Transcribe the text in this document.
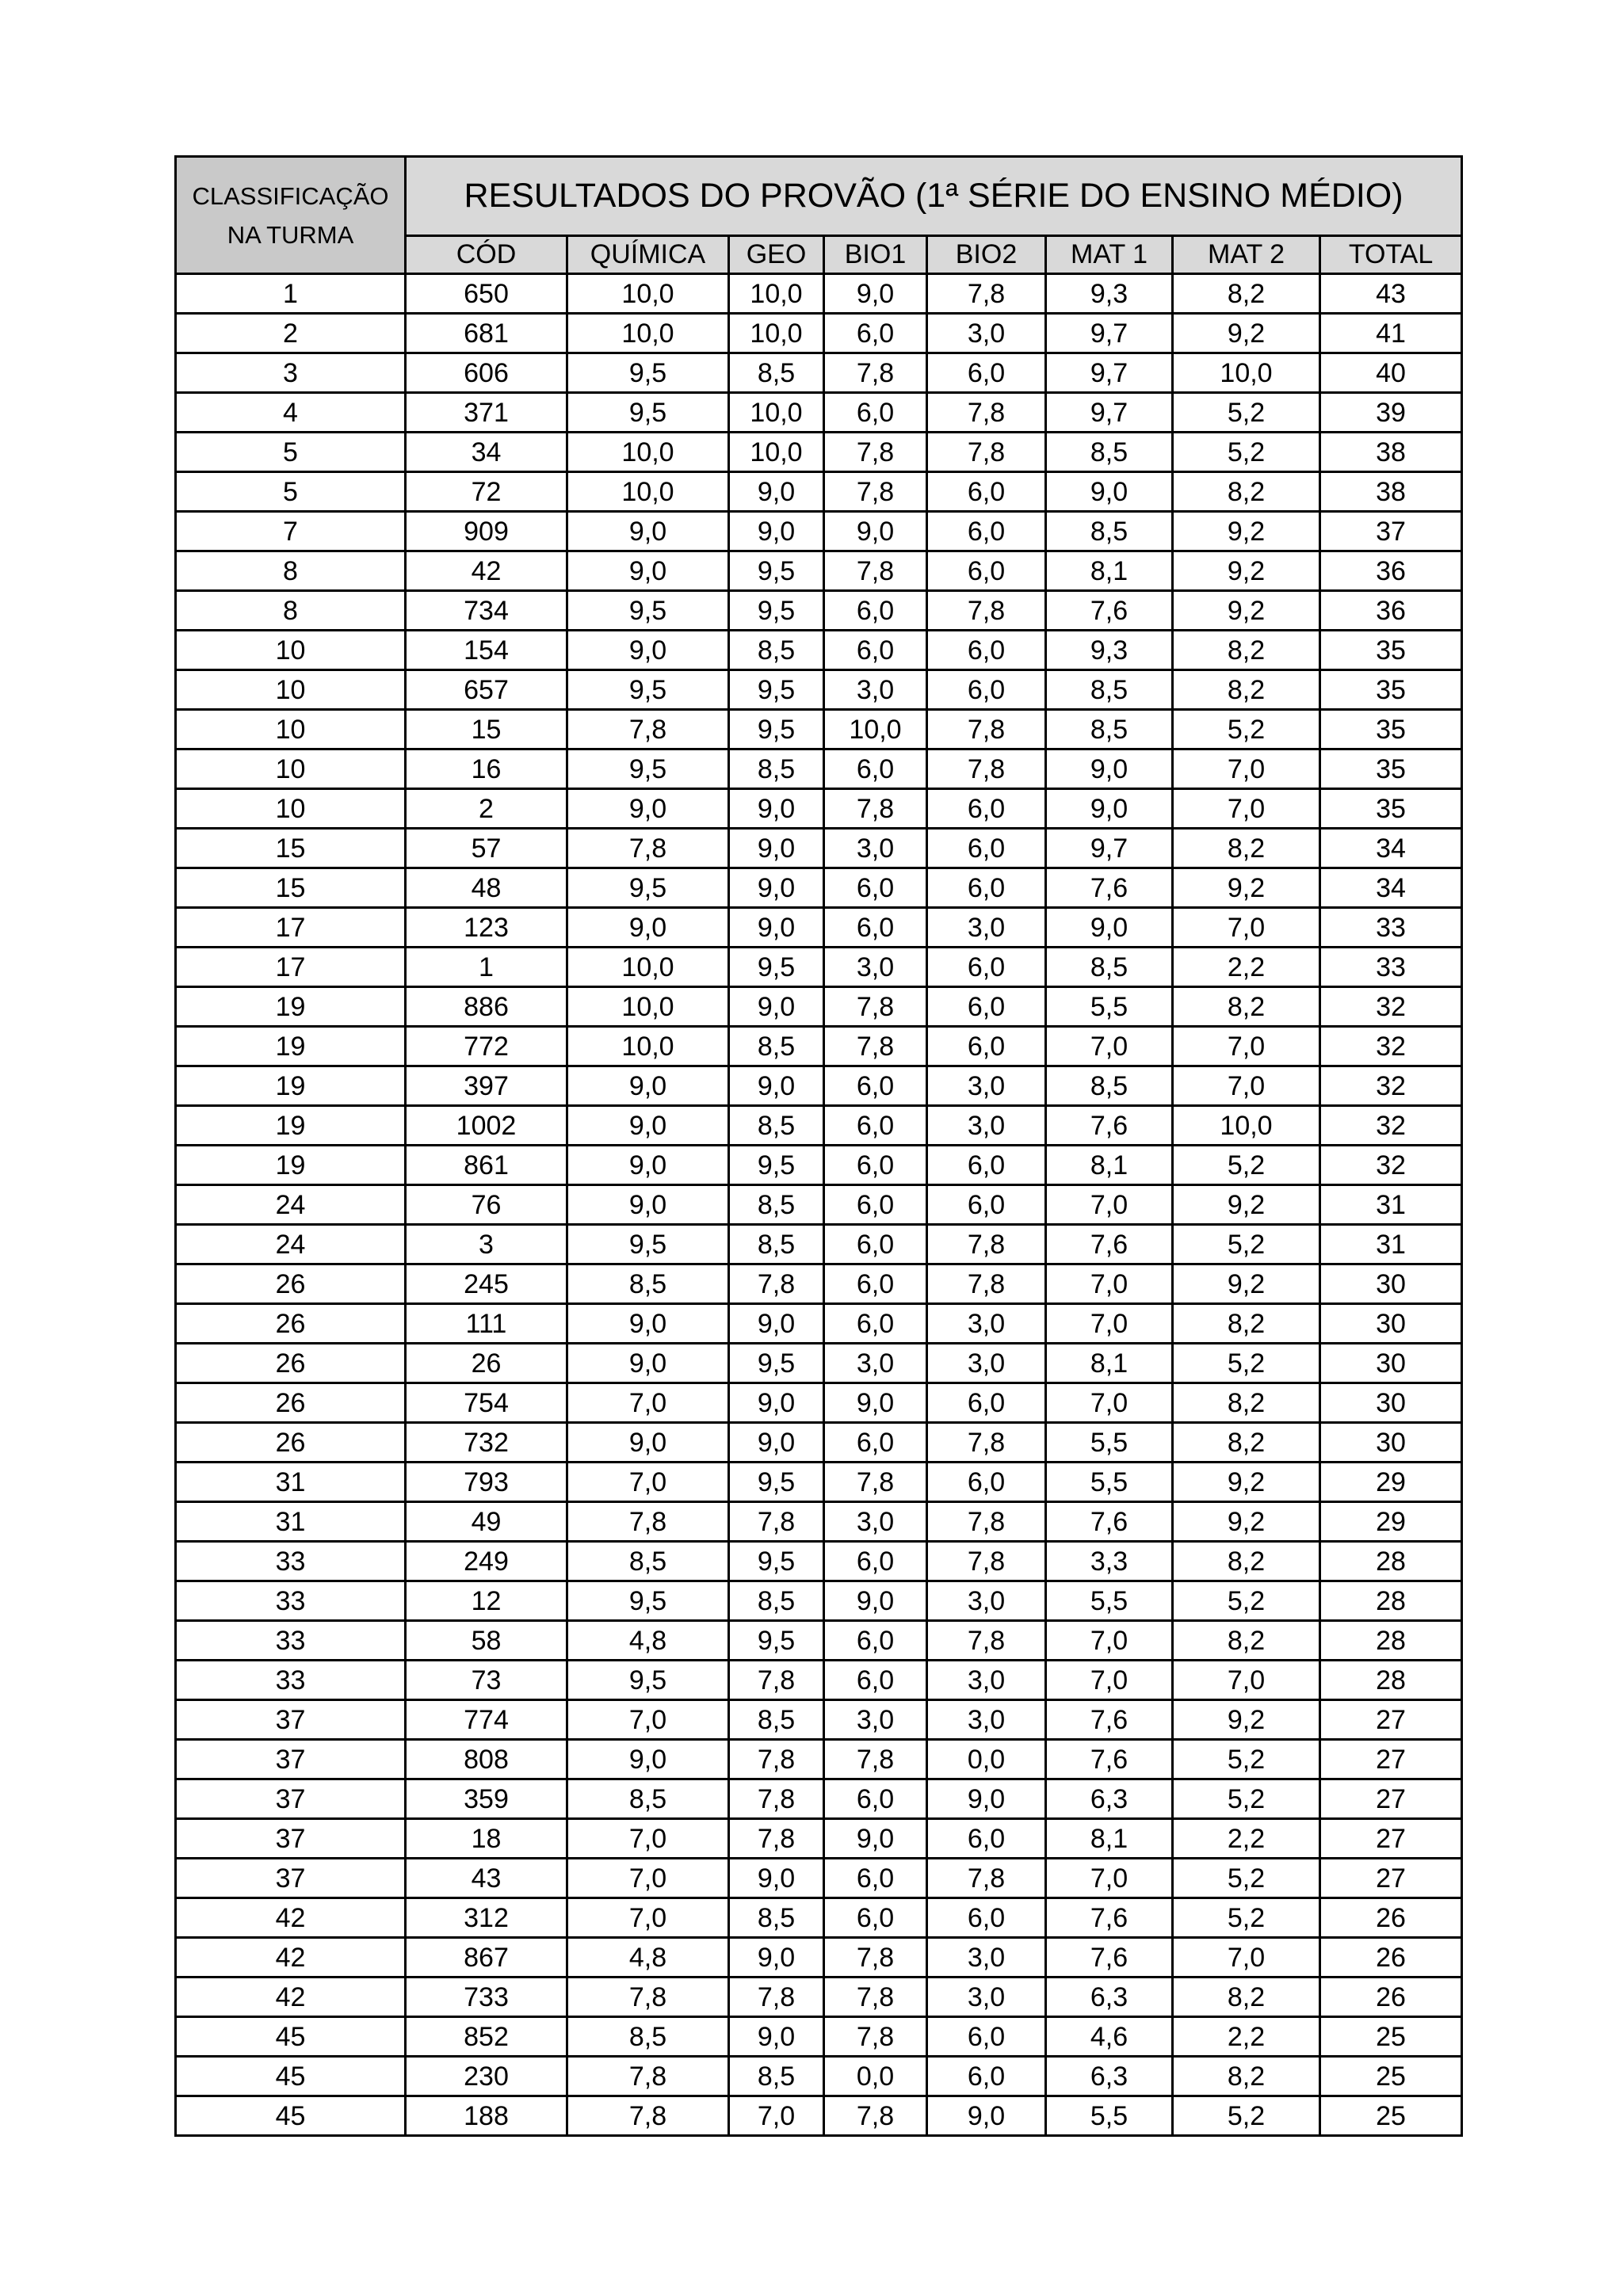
CLASSIFICAÇÃO
NA TURMA	RESULTADOS DO PROVÃO (1ª SÉRIE DO ENSINO MÉDIO)							
	CÓD	QUÍMICA	GEO	BIO1	BIO2	MAT 1	MAT 2	TOTAL
1	650	10,0	10,0	9,0	7,8	9,3	8,2	43
2	681	10,0	10,0	6,0	3,0	9,7	9,2	41
3	606	9,5	8,5	7,8	6,0	9,7	10,0	40
4	371	9,5	10,0	6,0	7,8	9,7	5,2	39
5	34	10,0	10,0	7,8	7,8	8,5	5,2	38
5	72	10,0	9,0	7,8	6,0	9,0	8,2	38
7	909	9,0	9,0	9,0	6,0	8,5	9,2	37
8	42	9,0	9,5	7,8	6,0	8,1	9,2	36
8	734	9,5	9,5	6,0	7,8	7,6	9,2	36
10	154	9,0	8,5	6,0	6,0	9,3	8,2	35
10	657	9,5	9,5	3,0	6,0	8,5	8,2	35
10	15	7,8	9,5	10,0	7,8	8,5	5,2	35
10	16	9,5	8,5	6,0	7,8	9,0	7,0	35
10	2	9,0	9,0	7,8	6,0	9,0	7,0	35
15	57	7,8	9,0	3,0	6,0	9,7	8,2	34
15	48	9,5	9,0	6,0	6,0	7,6	9,2	34
17	123	9,0	9,0	6,0	3,0	9,0	7,0	33
17	1	10,0	9,5	3,0	6,0	8,5	2,2	33
19	886	10,0	9,0	7,8	6,0	5,5	8,2	32
19	772	10,0	8,5	7,8	6,0	7,0	7,0	32
19	397	9,0	9,0	6,0	3,0	8,5	7,0	32
19	1002	9,0	8,5	6,0	3,0	7,6	10,0	32
19	861	9,0	9,5	6,0	6,0	8,1	5,2	32
24	76	9,0	8,5	6,0	6,0	7,0	9,2	31
24	3	9,5	8,5	6,0	7,8	7,6	5,2	31
26	245	8,5	7,8	6,0	7,8	7,0	9,2	30
26	111	9,0	9,0	6,0	3,0	7,0	8,2	30
26	26	9,0	9,5	3,0	3,0	8,1	5,2	30
26	754	7,0	9,0	9,0	6,0	7,0	8,2	30
26	732	9,0	9,0	6,0	7,8	5,5	8,2	30
31	793	7,0	9,5	7,8	6,0	5,5	9,2	29
31	49	7,8	7,8	3,0	7,8	7,6	9,2	29
33	249	8,5	9,5	6,0	7,8	3,3	8,2	28
33	12	9,5	8,5	9,0	3,0	5,5	5,2	28
33	58	4,8	9,5	6,0	7,8	7,0	8,2	28
33	73	9,5	7,8	6,0	3,0	7,0	7,0	28
37	774	7,0	8,5	3,0	3,0	7,6	9,2	27
37	808	9,0	7,8	7,8	0,0	7,6	5,2	27
37	359	8,5	7,8	6,0	9,0	6,3	5,2	27
37	18	7,0	7,8	9,0	6,0	8,1	2,2	27
37	43	7,0	9,0	6,0	7,8	7,0	5,2	27
42	312	7,0	8,5	6,0	6,0	7,6	5,2	26
42	867	4,8	9,0	7,8	3,0	7,6	7,0	26
42	733	7,8	7,8	7,8	3,0	6,3	8,2	26
45	852	8,5	9,0	7,8	6,0	4,6	2,2	25
45	230	7,8	8,5	0,0	6,0	6,3	8,2	25
45	188	7,8	7,0	7,8	9,0	5,5	5,2	25
